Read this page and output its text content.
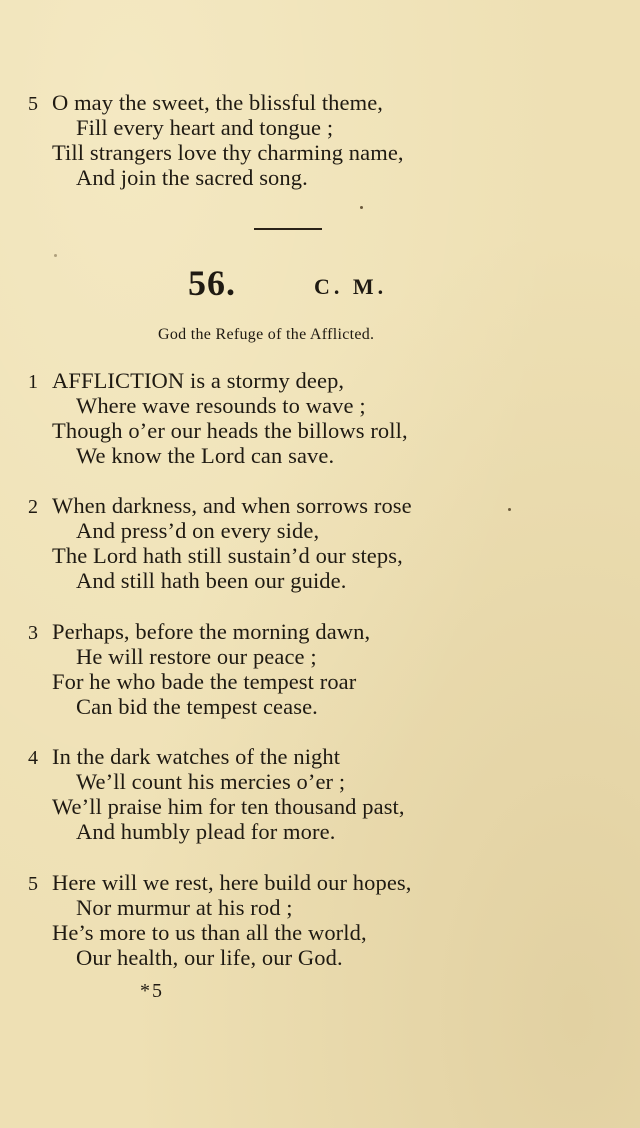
5 O may the sweet, the blissful theme,
Fill every heart and tongue ;
Till strangers love thy charming name,
And join the sacred song.
56.	C. M.
God the Refuge of the Afflicted.
1 AFFLICTION is a stormy deep,
Where wave resounds to wave ;
Though o’er our heads the billows roll,
We know the Lord can save.
2 When darkness, and when sorrows rose
And press’d on every side,
The Lord hath still sustain’d our steps,
And still hath been our guide.
3 Perhaps, before the morning dawn,
He will restore our peace ;
For he who bade the tempest roar
Can bid the tempest cease.
4 In the dark watches of the night
We’ll count his mercies o’er ;
We’ll praise him for ten thousand past,
And humbly plead for more.
5 Here will we rest, here build our hopes,
Nor murmur at his rod ;
He’s more to us than all the world,
Our health, our life, our God.
*5
